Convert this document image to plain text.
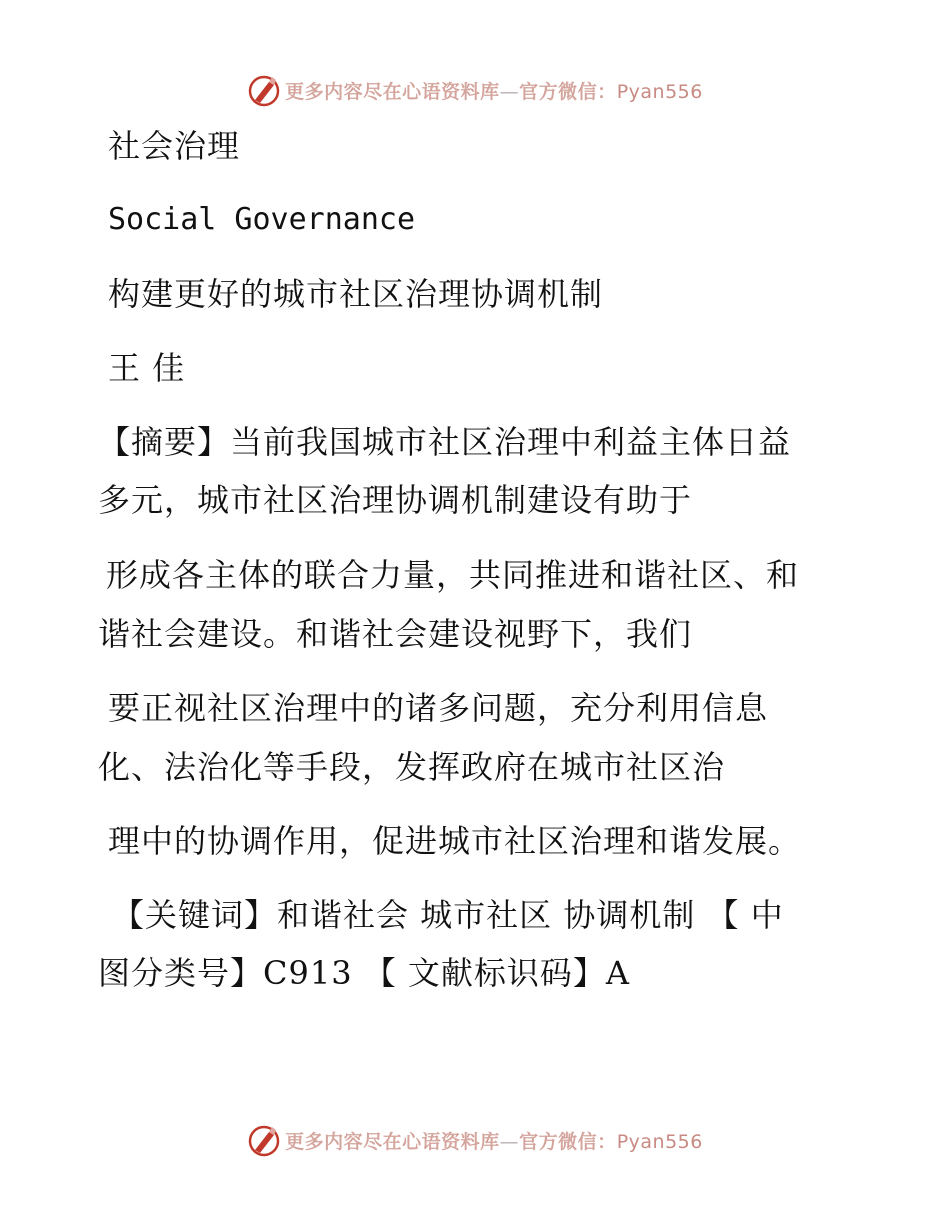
更多内容尽在心语资料库—官方微信：Pyan556
社会治理
Social Governance
构建更好的城市社区治理协调机制
王 佳
【摘要】当前我国城市社区治理中利益主体日益
多元，城市社区治理协调机制建设有助于
形成各主体的联合力量，共同推进和谐社区、和
谐社会建设。和谐社会建设视野下，我们
要正视社区治理中的诸多问题，充分利用信息
化、法治化等手段，发挥政府在城市社区治
理中的协调作用，促进城市社区治理和谐发展。
【关键词】和谐社会 城市社区 协调机制 【 中
图分类号】C913 【 文献标识码】A
更多内容尽在心语资料库—官方微信：Pyan556
